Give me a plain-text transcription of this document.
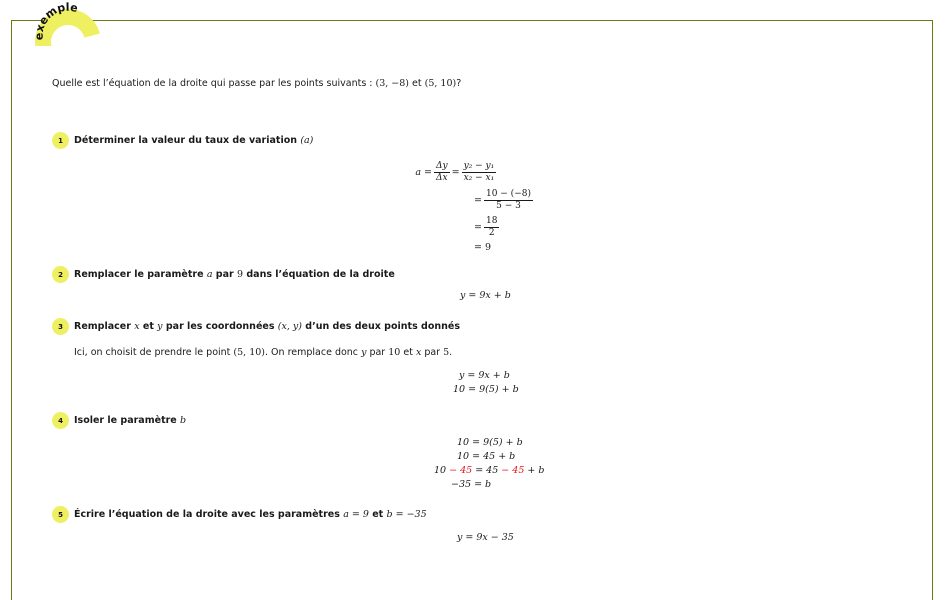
exemple
Quelle est l’équation de la droite qui passe par les points suivants : (3, −8) et (5, 10)?
1	Déterminer la valeur du taux de variation (a)
$a = \frac{\Delta y}{\Delta x} = \frac{\text{y₂ − y₁}}{\text{x₂ − x₁}}$
= $\frac{10 - (-8)}{5 - 3}$
= $\frac{18}{2}$
= 9
2	Remplacer le paramètre a par 9 dans l’équation de la droite
y = 9x + b
3	Remplacer x et y par les coordonnées (x, y) d’un des deux points donnés
Ici, on choisit de prendre le point (5, 10). On remplace donc y par 10 et x par 5.
y = 9x + b
10 = 9(5) + b
4	Isoler le paramètre b
10 = 9(5) + b
10 = 45 + b
10 − 45 = 45 − 45 + b
−35 = b
5	Écrire l’équation de la droite avec les paramètres a = 9 et b = −35
y = 9x − 35
